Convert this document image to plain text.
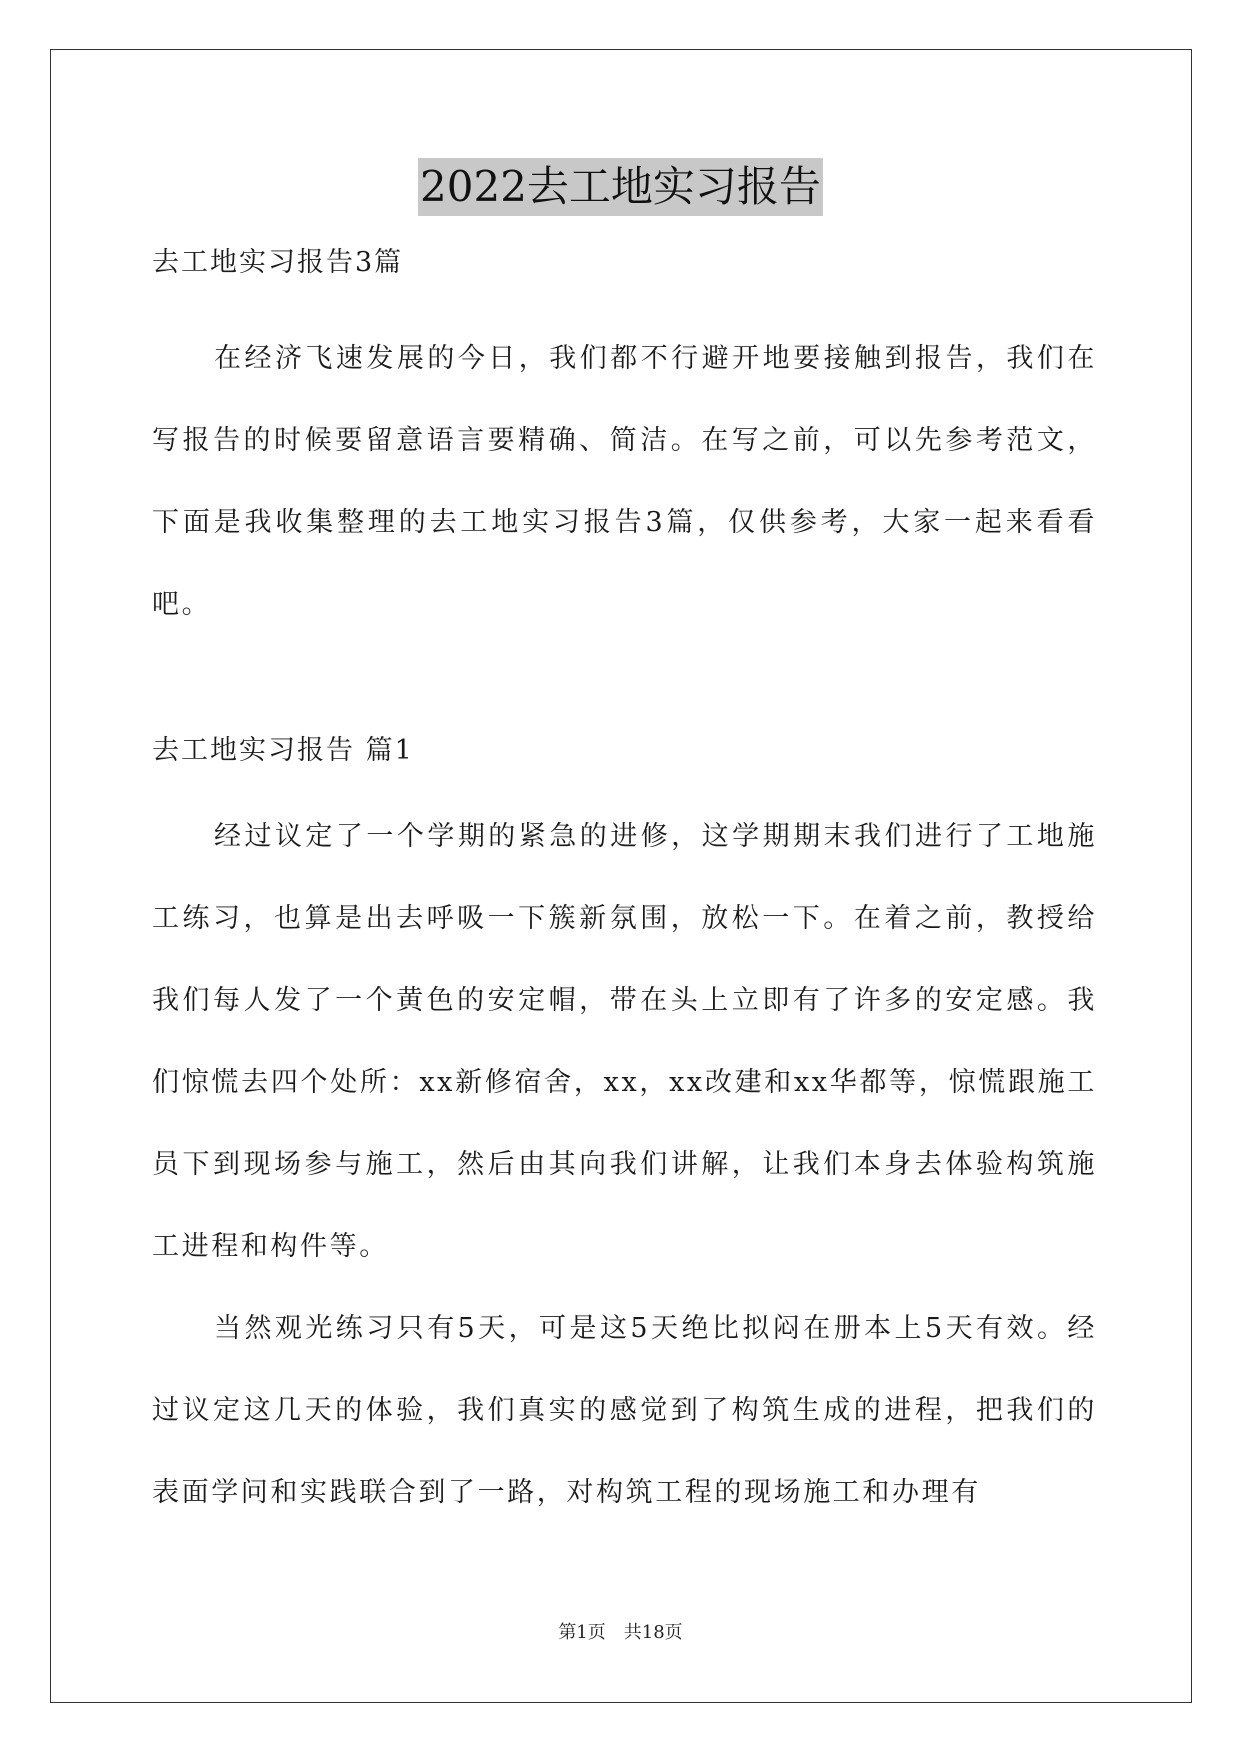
2022去工地实习报告

去工地实习报告3篇

在经济飞速发展的今日，我们都不行避开地要接触到报告，我们在写报告的时候要留意语言要精确、简洁。在写之前，可以先参考范文，下面是我收集整理的去工地实习报告3篇，仅供参考，大家一起来看看吧。

去工地实习报告 篇1

经过议定了一个学期的紧急的进修，这学期期末我们进行了工地施工练习，也算是出去呼吸一下簇新氛围，放松一下。在着之前，教授给我们每人发了一个黄色的安定帽，带在头上立即有了许多的安定感。我们惊慌去四个处所：xx新修宿舍，xx，xx改建和xx华都等，惊慌跟施工员下到现场参与施工，然后由其向我们讲解，让我们本身去体验构筑施工进程和构件等。

当然观光练习只有5天，可是这5天绝比拟闷在册本上5天有效。经过议定这几天的体验，我们真实的感觉到了构筑生成的进程，把我们的表面学问和实践联合到了一路，对构筑工程的现场施工和办理有

第1页　共18页
